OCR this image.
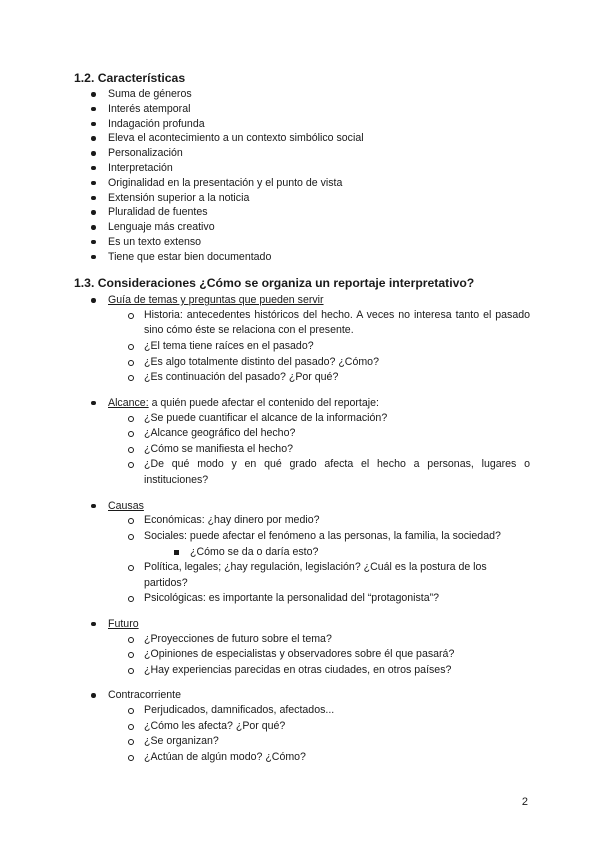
1.2. Características
Suma de géneros
Interés atemporal
Indagación profunda
Eleva el acontecimiento a un contexto simbólico social
Personalización
Interpretación
Originalidad en la presentación y el punto de vista
Extensión superior a la noticia
Pluralidad de fuentes
Lenguaje más creativo
Es un texto extenso
Tiene que estar bien documentado
1.3. Consideraciones ¿Cómo se organiza un reportaje interpretativo?
Guía de temas y preguntas que pueden servir
Historia: antecedentes históricos del hecho. A veces no interesa tanto el pasado sino cómo éste se relaciona con el presente.
¿El tema tiene raíces en el pasado?
¿Es algo totalmente distinto del pasado? ¿Cómo?
¿Es continuación del pasado? ¿Por qué?
Alcance: a quién puede afectar el contenido del reportaje:
¿Se puede cuantificar el alcance de la información?
¿Alcance geográfico del hecho?
¿Cómo se manifiesta el hecho?
¿De qué modo y en qué grado afecta el hecho a personas, lugares o instituciones?
Causas
Económicas: ¿hay dinero por medio?
Sociales: puede afectar el fenómeno a las personas, la familia, la sociedad?
¿Cómo se da o daría esto?
Política, legales; ¿hay regulación, legislación? ¿Cuál es la postura de los partidos?
Psicológicas: es importante la personalidad del “protagonista”?
Futuro
¿Proyecciones de futuro sobre el tema?
¿Opiniones de especialistas y observadores sobre él que pasará?
¿Hay experiencias parecidas en otras ciudades, en otros países?
Contracorriente
Perjudicados, damnificados, afectados...
¿Cómo les afecta? ¿Por qué?
¿Se organizan?
¿Actúan de algún modo? ¿Cómo?
2
